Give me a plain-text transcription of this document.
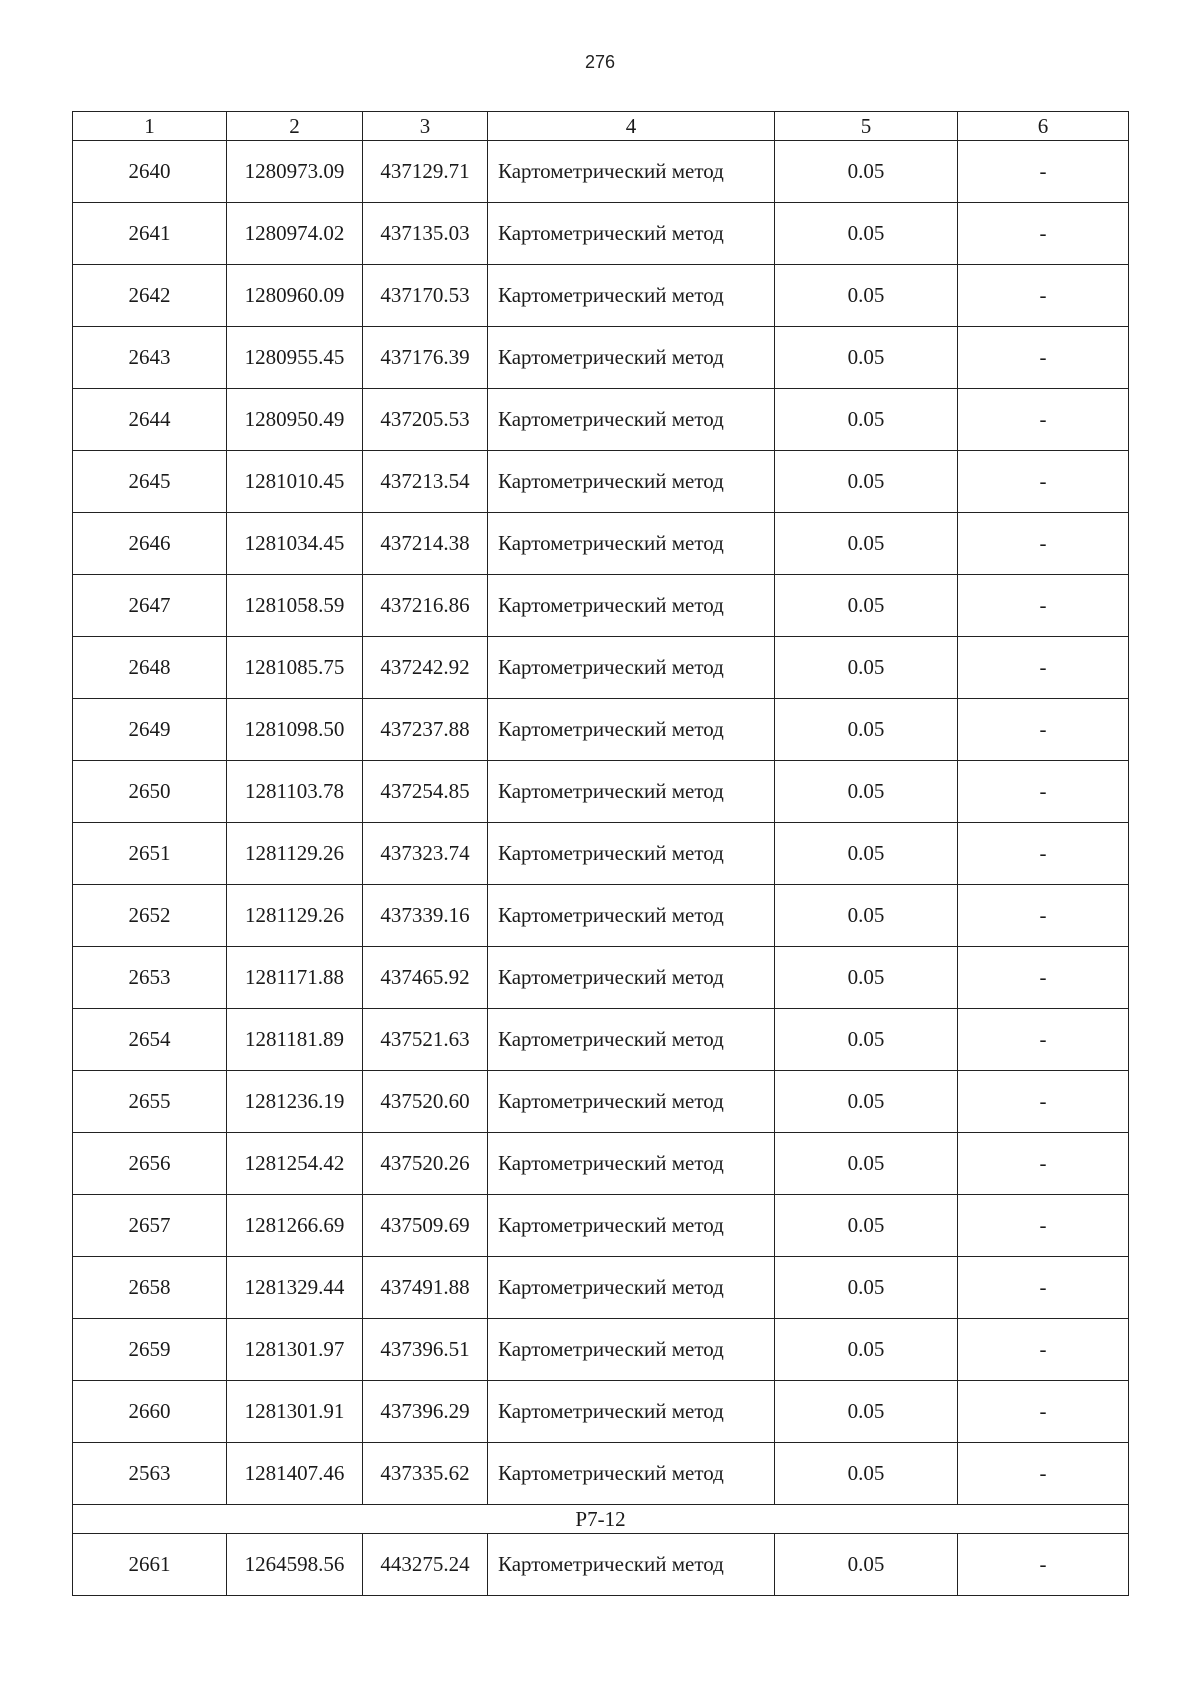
276
1	2	3	4	5	6
2640	1280973.09	437129.71	Картометрический метод	0.05	-
2641	1280974.02	437135.03	Картометрический метод	0.05	-
2642	1280960.09	437170.53	Картометрический метод	0.05	-
2643	1280955.45	437176.39	Картометрический метод	0.05	-
2644	1280950.49	437205.53	Картометрический метод	0.05	-
2645	1281010.45	437213.54	Картометрический метод	0.05	-
2646	1281034.45	437214.38	Картометрический метод	0.05	-
2647	1281058.59	437216.86	Картометрический метод	0.05	-
2648	1281085.75	437242.92	Картометрический метод	0.05	-
2649	1281098.50	437237.88	Картометрический метод	0.05	-
2650	1281103.78	437254.85	Картометрический метод	0.05	-
2651	1281129.26	437323.74	Картометрический метод	0.05	-
2652	1281129.26	437339.16	Картометрический метод	0.05	-
2653	1281171.88	437465.92	Картометрический метод	0.05	-
2654	1281181.89	437521.63	Картометрический метод	0.05	-
2655	1281236.19	437520.60	Картометрический метод	0.05	-
2656	1281254.42	437520.26	Картометрический метод	0.05	-
2657	1281266.69	437509.69	Картометрический метод	0.05	-
2658	1281329.44	437491.88	Картометрический метод	0.05	-
2659	1281301.97	437396.51	Картометрический метод	0.05	-
2660	1281301.91	437396.29	Картометрический метод	0.05	-
2563	1281407.46	437335.62	Картометрический метод	0.05	-
Р7-12					
2661	1264598.56	443275.24	Картометрический метод	0.05	-
